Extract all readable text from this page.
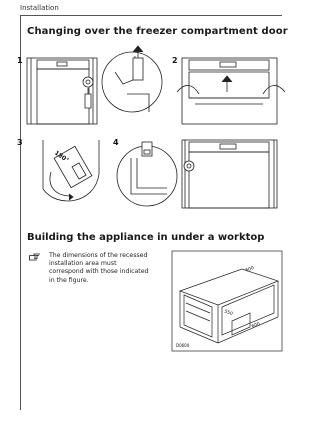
Installation
Changing over the freezer compartment door
1	2
3	4
180°
Building the appliance in under a worktop
The dimensions of the recessed installation area must correspond with those indicated in the figure.
600
550
600
D0600
